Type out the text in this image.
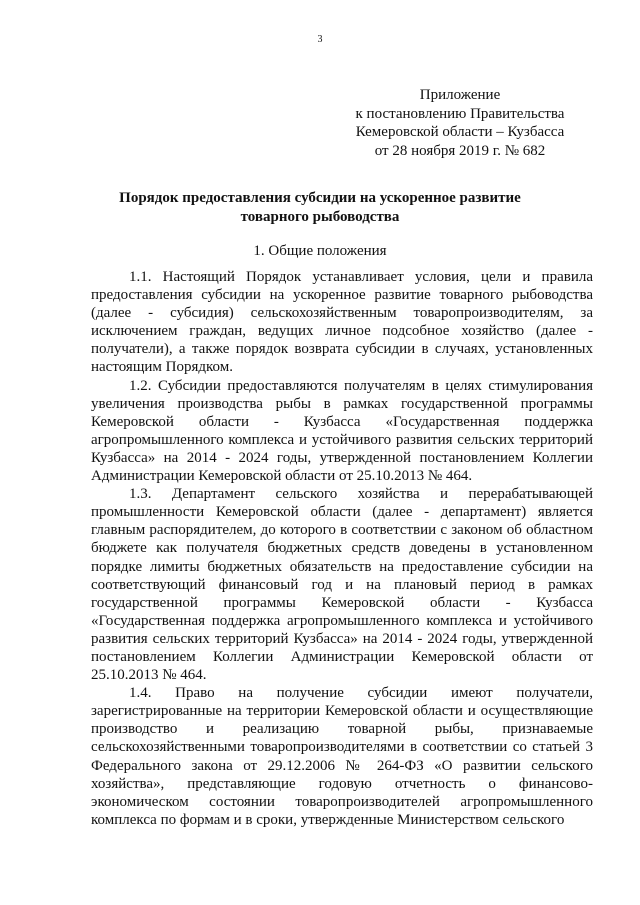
3
Приложение
к постановлению Правительства
Кемеровской области – Кузбасса
от 28 ноября 2019 г. № 682
Порядок предоставления субсидии на ускоренное развитие
товарного рыбоводства
1. Общие положения

1.1. Настоящий Порядок устанавливает условия, цели и правила предоставления субсидии на ускоренное развитие товарного рыбоводства (далее - субсидия) сельскохозяйственным товаропроизводителям, за исключением граждан, ведущих личное подсобное хозяйство (далее - получатели), а также порядок возврата субсидии в случаях, установленных настоящим Порядком.

1.2. Субсидии предоставляются получателям в целях стимулирования увеличения производства рыбы в рамках государственной программы Кемеровской области - Кузбасса «Государственная поддержка агропромышленного комплекса и устойчивого развития сельских территорий Кузбасса» на 2014 - 2024 годы, утвержденной постановлением Коллегии Администрации Кемеровской области от 25.10.2013 № 464.

1.3. Департамент сельского хозяйства и перерабатывающей промышленности Кемеровской области (далее - департамент) является главным распорядителем, до которого в соответствии с законом об областном бюджете как получателя бюджетных средств доведены в установленном порядке лимиты бюджетных обязательств на предоставление субсидии на соответствующий финансовый год и на плановый период в рамках государственной программы Кемеровской области - Кузбасса «Государственная поддержка агропромышленного комплекса и устойчивого развития сельских территорий Кузбасса» на 2014 - 2024 годы, утвержденной постановлением Коллегии Администрации Кемеровской области от 25.10.2013 № 464.

1.4. Право на получение субсидии имеют получатели, зарегистрированные на территории Кемеровской области и осуществляющие производство и реализацию товарной рыбы, признаваемые сельскохозяйственными товаропроизводителями в соответствии со статьей 3 Федерального закона от 29.12.2006 № 264-ФЗ «О развитии сельского хозяйства», представляющие годовую отчетность о финансово-экономическом состоянии товаропроизводителей агропромышленного комплекса по формам и в сроки, утвержденные Министерством сельского
